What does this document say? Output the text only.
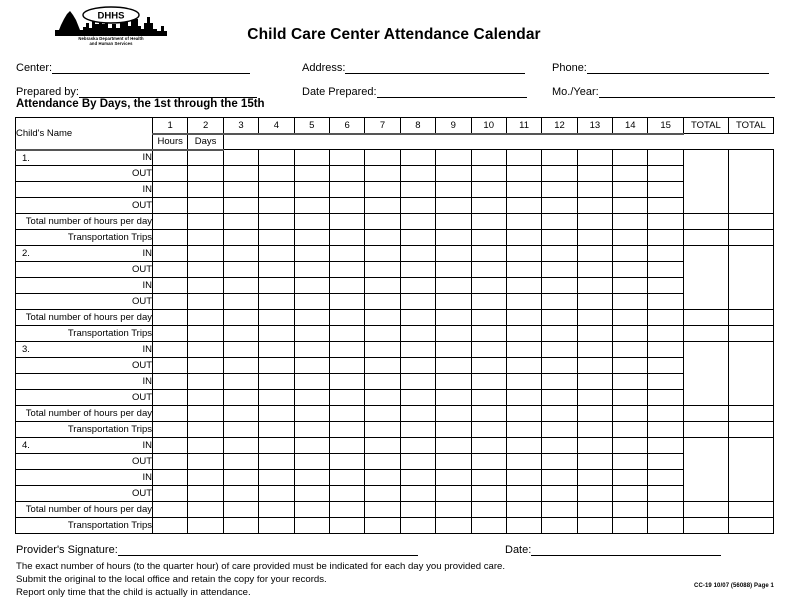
DHHS
Nebraska Department of Health
and Human Services
Child Care Center Attendance Calendar
Center:	Address:	Phone:
Prepared by:	Date Prepared:	Mo./Year:
Attendance By Days, the 1st through the 15th
Child's Name	1	2	3	4	5	6	7	8	9	10	11	12	13	14	15	TOTAL	TOTAL
	Hours	Days															

1. IN																	
OUT																	
IN																	
OUT																	
Total number of hours per day																	
Transportation Trips																	

2. IN																	
OUT																	
IN																	
OUT																	
Total number of hours per day																	
Transportation Trips																	

3. IN																	
OUT																	
IN																	
OUT																	
Total number of hours per day																	
Transportation Trips																	

4. IN																	
OUT																	
IN																	
OUT																	
Total number of hours per day																	
Transportation Trips																	
Provider's Signature:	Date:
The exact number of hours (to the quarter hour) of care provided must be indicated for each day you provided care.
Submit the original to the local office and retain the copy for your records.
Report only time that the child is actually in attendance.
CC-19 10/07 (56088) Page 1
